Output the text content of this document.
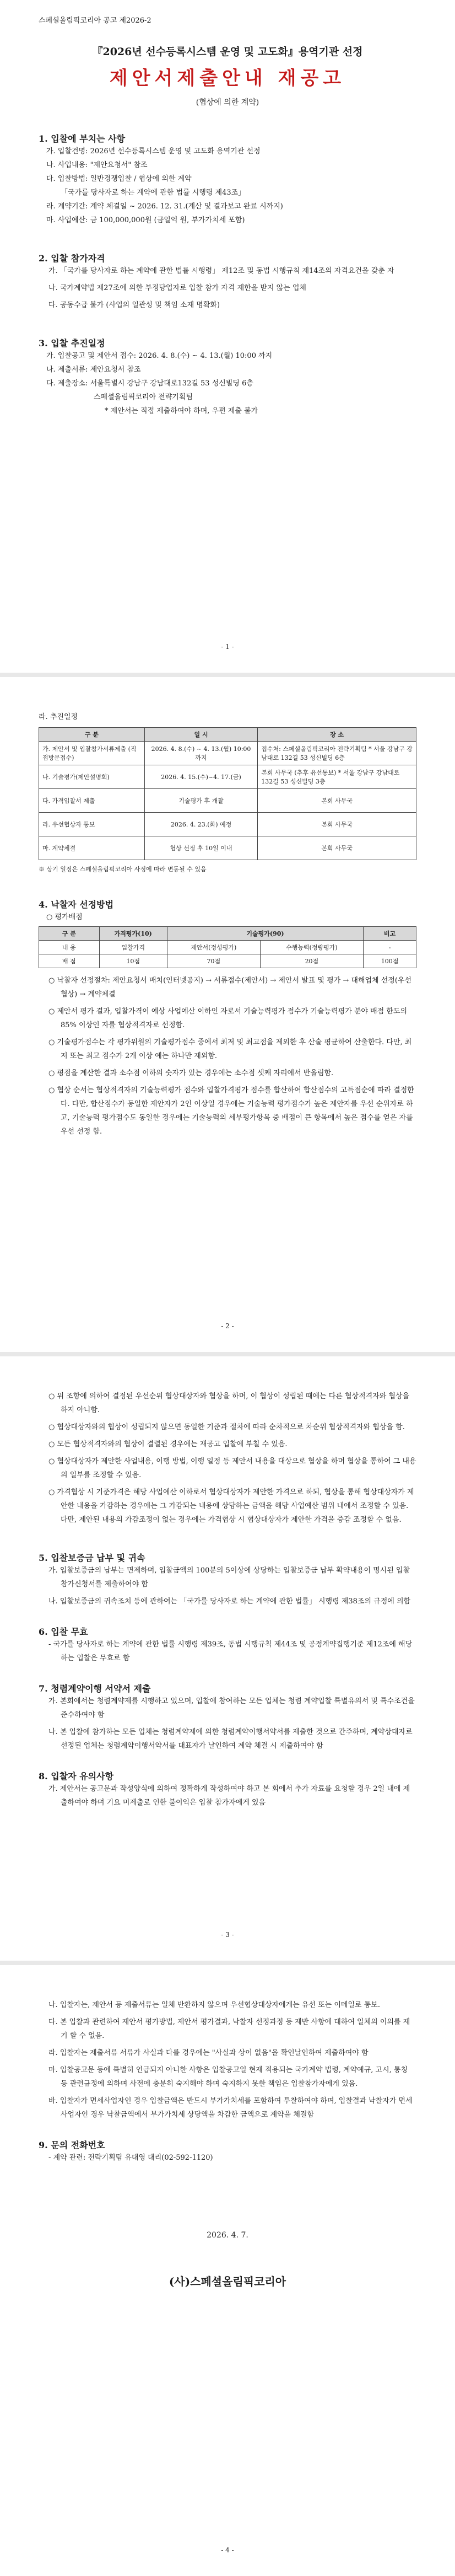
스페셜올림픽코리아 공고 제2026-2
『2026년 선수등록시스템 운영 및 고도화』용역기관 선정
제안서제출안내 재공고
(협상에 의한 계약)
1. 입찰에 부치는 사항
가. 입찰건명: 2026년 선수등록시스템 운영 및 고도화 용역기관 선정
나. 사업내용: "제안요청서" 참조
다. 입찰방법: 일반경쟁입찰 / 협상에 의한 계약
「국가를 당사자로 하는 계약에 관한 법률 시행령 제43조」
라. 계약기간: 계약 체결일 ~ 2026. 12. 31.(계산 및 결과보고 완료 시까지)
마. 사업예산: 금 100,000,000원 (금일억 원, 부가가치세 포함)
2. 입찰 참가자격
가. 「국가를 당사자로 하는 계약에 관한 법률 시행령」 제12조 및 동법 시행규칙 제14조의 자격요건을 갖춘 자
나. 국가계약법 제27조에 의한 부정당업자로 입찰 참가 자격 제한을 받지 않는 업체
다. 공동수급 불가 (사업의 일관성 및 책임 소재 명확화)
3. 입찰 추진일정
가. 입찰공고 및 제안서 접수: 2026. 4. 8.(수) ~ 4. 13.(월) 10:00 까지
나. 제출서류: 제안요청서 참조
다. 제출장소: 서울특별시 강남구 강남대로132길 53 성신빌딩 6층
스페셜올림픽코리아 전략기획팀
* 제안서는 직접 제출하여야 하며, 우편 제출 불가
- 1 -
라. 추진일정
구 분	일 시	장 소
가. 제안서 및 입찰참가서류제출 (직접방문접수)	2026. 4. 8.(수) ~ 4. 13.(월) 10:00 까지	접수처: 스페셜올림픽코리아 전략기획팀 * 서울 강남구 강남대로 132길 53 성신빌딩 6층
나. 기술평가(제안설명회)	2026. 4. 15.(수)~4. 17.(금)	본회 사무국 (추후 유선통보) * 서울 강남구 강남대로 132길 53 성신빌딩 3층
다. 가격입찰서 제출	기술평가 후 개찰	본회 사무국
라. 우선협상자 통보	2026. 4. 23.(화) 예정	본회 사무국
마. 계약체결	협상 선정 후 10일 이내	본회 사무국
※ 상기 일정은 스페셜올림픽코리아 사정에 따라 변동될 수 있음
4. 낙찰자 선정방법
○ 평가배점
구 분	가격평가(10)	기술평가(90)		비고
내 용	입찰가격	제안서(정성평가)	수행능력(정량평가)	-
배 점	10점	70점	20점	100점
○ 낙찰자 선정절차: 제안요청서 배치(인터넷공지) → 서류접수(제안서) → 제안서 발표 및 평가 → 대해업체 선정(우선협상) → 계약체결
○ 제안서 평가 결과, 입찰가격이 예상 사업예산 이하인 자로서 기술능력평가 점수가 기술능력평가 분야 배점 한도의 85% 이상인 자를 협상적격자로 선정함.
○ 기술평가점수는 각 평가위원의 기술평가점수 중에서 최저 및 최고점을 제외한 후 산술 평균하여 산출한다. 다만, 최저 또는 최고 점수가 2개 이상 예는 하나만 제외함.
○ 평점을 계산한 결과 소수점 이하의 숫자가 있는 경우에는 소수점 셋째 자리에서 반올림함.
○ 협상 순서는 협상적격자의 기술능력평가 점수와 입찰가격평가 점수를 합산하여 합산점수의 고득점순에 따라 결정한다. 다만, 합산점수가 동일한 제안자가 2인 이상일 경우에는 기술능력 평가점수가 높은 제안자를 우선 순위자로 하고, 기술능력 평가점수도 동일한 경우에는 기술능력의 세부평가항목 중 배점이 큰 항목에서 높은 점수를 얻은 자를 우선 선정 함.
- 2 -
○ 위 조항에 의하여 결정된 우선순위 협상대상자와 협상을 하며, 이 협상이 성립된 때에는 다른 협상적격자와 협상을 하지 아니함.
○ 협상대상자와의 협상이 성립되지 않으면 동일한 기준과 절차에 따라 순차적으로 차순위 협상적격자와 협상을 함.
○ 모든 협상적격자와의 협상이 결렬된 경우에는 재공고 입찰에 부칠 수 있음.
○ 협상대상자가 제안한 사업내용, 이행 방법, 이행 일정 등 제안서 내용을 대상으로 협상을 하며 협상을 통하여 그 내용의 일부를 조정할 수 있음.
○ 가격협상 시 기준가격은 해당 사업예산 이하로서 협상대상자가 제안한 가격으로 하되, 협상을 통해 협상대상자가 제안한 내용을 가감하는 경우에는 그 가감되는 내용에 상당하는 금액을 해당 사업예산 범위 내에서 조정할 수 있음. 다만, 제안된 내용의 가감조정이 없는 경우에는 가격협상 시 협상대상자가 제안한 가격을 증감 조정할 수 없음.
5. 입찰보증금 납부 및 귀속
가. 입찰보증금의 납부는 면제하며, 입찰금액의 100분의 5이상에 상당하는 입찰보증금 납부 확약내용이 명시된 입찰참가신청서를 제출하여야 함
나. 입찰보증금의 귀속조치 등에 관하여는 「국가를 당사자로 하는 계약에 관한 법률」 시행령 제38조의 규정에 의함
6. 입찰 무효
- 국가를 당사자로 하는 계약에 관한 법률 시행령 제39조, 동법 시행규칙 제44조 및 공정계약집행기준 제12조에 해당하는 입찰은 무효로 함
7. 청렴계약이행 서약서 제출
가. 본회에서는 청렴계약제를 시행하고 있으며, 입찰에 참여하는 모든 업체는 청렴 계약입찰 특별유의서 및 특수조건을 준수하여야 함
나. 본 입찰에 참가하는 모든 업체는 청렴계약제에 의한 청렴계약이행서약서를 제출한 것으로 간주하며, 계약상대자로 선정된 업체는 청렴계약이행서약서를 대표자가 날인하여 계약 체결 시 제출하여야 함
8. 입찰자 유의사항
가. 제안서는 공고문과 작성양식에 의하여 정확하게 작성하여야 하고 본 회에서 추가 자료를 요청할 경우 2일 내에 제출하여야 하며 기요 미제출로 인한 불이익은 입찰 참가자에게 있음
- 3 -
나. 입찰자는, 제안서 등 제출서류는 일체 반환하지 않으며 우선협상대상자에게는 유선 또는 이메일로 통보.
다. 본 입찰과 관련하여 제안서 평가방법, 제안서 평가결과, 낙찰자 선정과정 등 제반 사항에 대하여 일체의 이의를 제기 할 수 없음.
라. 입찰자는 제출서류 서류가 사실과 다를 경우에는 "사실과 상이 없음"을 확인날인하여 제출하여야 함
마. 입찰공고문 등에 특별히 언급되지 아니한 사항은 입찰공고일 현재 적용되는 국가계약 법령, 계약예규, 고시, 통칭 등 관련규정에 의하며 사전에 충분히 숙지해야 하며 숙지하지 못한 책임은 입찰참가자에게 있음.
바. 입찰자가 면세사업자인 경우 입찰금액은 반드시 부가가치세를 포함하여 투찰하여야 하며, 입찰결과 낙찰자가 면세사업자인 경우 낙찰금액에서 부가가치세 상당액을 차감한 금액으로 계약을 체결함
9. 문의 전화번호
- 계약 관련: 전략기획팀 유대영 대리(02-592-1120)
2026. 4. 7.
(사)스페셜올림픽코리아
- 4 -
